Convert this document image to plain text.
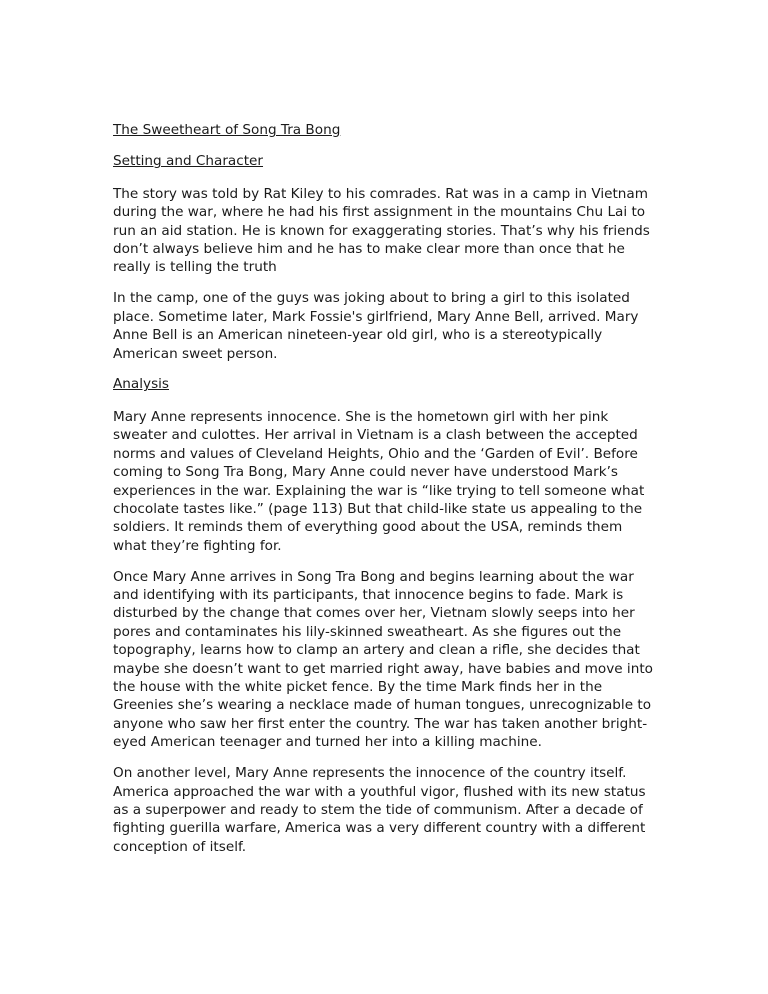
The Sweetheart of Song Tra Bong
Setting and Character

The story was told by Rat Kiley to his comrades. Rat was in a camp in Vietnam during the war, where he had his first assignment in the mountains Chu Lai to run an aid station. He is known for exaggerating stories. That’s why his friends don’t always believe him and he has to make clear more than once that he really is telling the truth

In the camp, one of the guys was joking about to bring a girl to this isolated place. Sometime later, Mark Fossie's girlfriend, Mary Anne Bell, arrived. Mary Anne Bell is an American nineteen-year old girl, who is a stereotypically American sweet person.

Analysis

Mary Anne represents innocence. She is the hometown girl with her pink sweater and culottes. Her arrival in Vietnam is a clash between the accepted norms and values of Cleveland Heights, Ohio and the ‘Garden of Evil’. Before coming to Song Tra Bong, Mary Anne could never have understood Mark’s experiences in the war. Explaining the war is “like trying to tell someone what chocolate tastes like.” (page 113) But that child-like state us appealing to the soldiers. It reminds them of everything good about the USA, reminds them what they’re fighting for.

Once Mary Anne arrives in Song Tra Bong and begins learning about the war and identifying with its participants, that innocence begins to fade. Mark is disturbed by the change that comes over her, Vietnam slowly seeps into her pores and contaminates his lily-skinned sweatheart. As she figures out the topography, learns how to clamp an artery and clean a rifle, she decides that maybe she doesn’t want to get married right away, have babies and move into the house with the white picket fence. By the time Mark finds her in the Greenies she’s wearing a necklace made of human tongues, unrecognizable to anyone who saw her first enter the country. The war has taken another bright-eyed American teenager and turned her into a killing machine.

On another level, Mary Anne represents the innocence of the country itself. America approached the war with a youthful vigor, flushed with its new status as a superpower and ready to stem the tide of communism. After a decade of fighting guerilla warfare, America was a very different country with a different conception of itself.
